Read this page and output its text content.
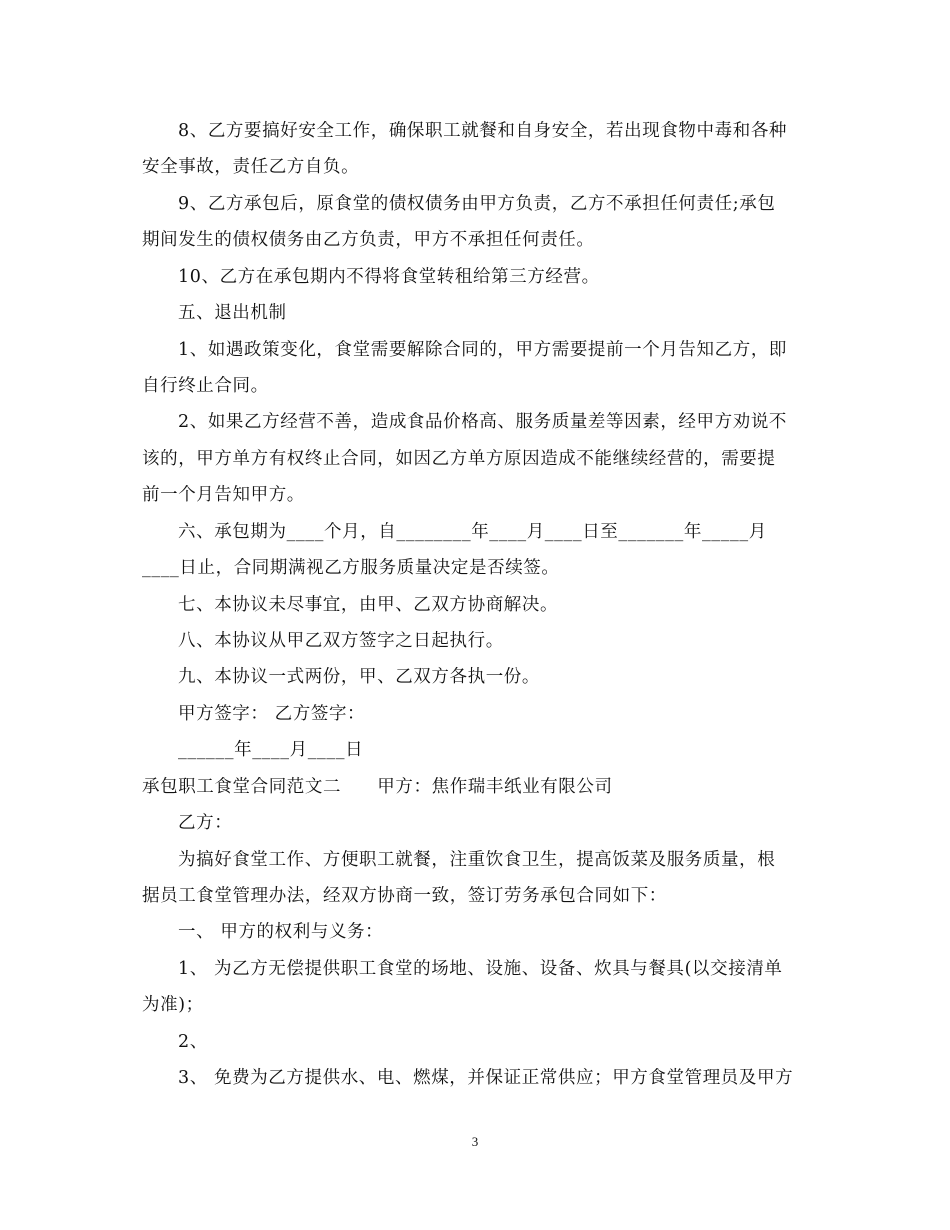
8、乙方要搞好安全工作，确保职工就餐和自身安全，若出现食物中毒和各种
安全事故，责任乙方自负。
9、乙方承包后，原食堂的债权债务由甲方负责，乙方不承担任何责任;承包
期间发生的债权债务由乙方负责，甲方不承担任何责任。
10、乙方在承包期内不得将食堂转租给第三方经营。
五、退出机制
1、如遇政策变化，食堂需要解除合同的，甲方需要提前一个月告知乙方，即
自行终止合同。
2、如果乙方经营不善，造成食品价格高、服务质量差等因素，经甲方劝说不
该的，甲方单方有权终止合同，如因乙方单方原因造成不能继续经营的，需要提
前一个月告知甲方。
六、承包期为____个月，自________年____月____日至_______年_____月
____日止，合同期满视乙方服务质量决定是否续签。
七、本协议未尽事宜，由甲、乙双方协商解决。
八、本协议从甲乙双方签字之日起执行。
九、本协议一式两份，甲、乙双方各执一份。
甲方签字： 乙方签字：
______年____月____日
承包职工食堂合同范文二　　甲方：焦作瑞丰纸业有限公司
乙方：
为搞好食堂工作、方便职工就餐，注重饮食卫生，提高饭菜及服务质量，根
据员工食堂管理办法，经双方协商一致，签订劳务承包合同如下：
一、 甲方的权利与义务：
1、 为乙方无偿提供职工食堂的场地、设施、设备、炊具与餐具(以交接清单
为准)；
2、
3、 免费为乙方提供水、电、燃煤，并保证正常供应；甲方食堂管理员及甲方
3
